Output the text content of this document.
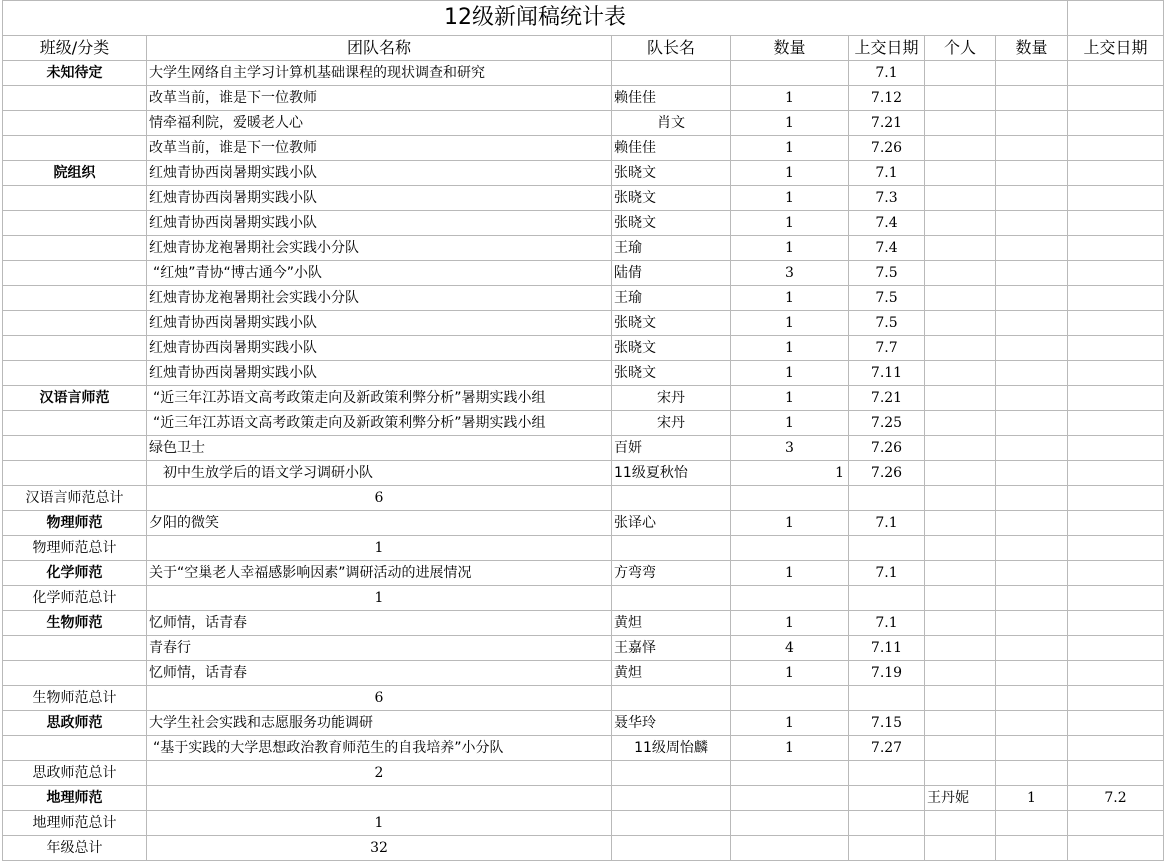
12级新闻稿统计表							
班级/分类	团队名称	队长名	数量	上交日期	个人	数量	上交日期
未知待定	大学生网络自主学习计算机基础课程的现状调查和研究			7.1			
	改革当前，谁是下一位教师	赖佳佳	1	7.12			
	情牵福利院，爱暖老人心	肖文	1	7.21			
	改革当前，谁是下一位教师	赖佳佳	1	7.26			
院组织	红烛青协西岗暑期实践小队	张晓文	1	7.1			
	红烛青协西岗暑期实践小队	张晓文	1	7.3			
	红烛青协西岗暑期实践小队	张晓文	1	7.4			
	红烛青协龙袍暑期社会实践小分队	王瑜	1	7.4			
	“红烛”青协“博古通今”小队	陆倩	3	7.5			
	红烛青协龙袍暑期社会实践小分队	王瑜	1	7.5			
	红烛青协西岗暑期实践小队	张晓文	1	7.5			
	红烛青协西岗暑期实践小队	张晓文	1	7.7			
	红烛青协西岗暑期实践小队	张晓文	1	7.11			
汉语言师范	“近三年江苏语文高考政策走向及新政策利弊分析”暑期实践小组	宋丹	1	7.21			
	“近三年江苏语文高考政策走向及新政策利弊分析”暑期实践小组	宋丹	1	7.25			
	绿色卫士	百妍	3	7.26			
	初中生放学后的语文学习调研小队	11级夏秋怡	1	7.26			
汉语言师范总计	6						
物理师范	夕阳的微笑	张译心	1	7.1			
物理师范总计	1						
化学师范	关于“空巢老人幸福感影响因素”调研活动的进展情况	方弯弯	1	7.1			
化学师范总计	1						
生物师范	忆师情，话青春	黄炟	1	7.1			
	青春行	王嘉怿	4	7.11			
	忆师情，话青春	黄炟	1	7.19			
生物师范总计	6						
思政师范	大学生社会实践和志愿服务功能调研	聂华玲	1	7.15			
	“基于实践的大学思想政治教育师范生的自我培养”小分队	11级周怡麟	1	7.27			
思政师范总计	2						
地理师范					王丹妮	1	7.2
地理师范总计	1						
年级总计	32						
